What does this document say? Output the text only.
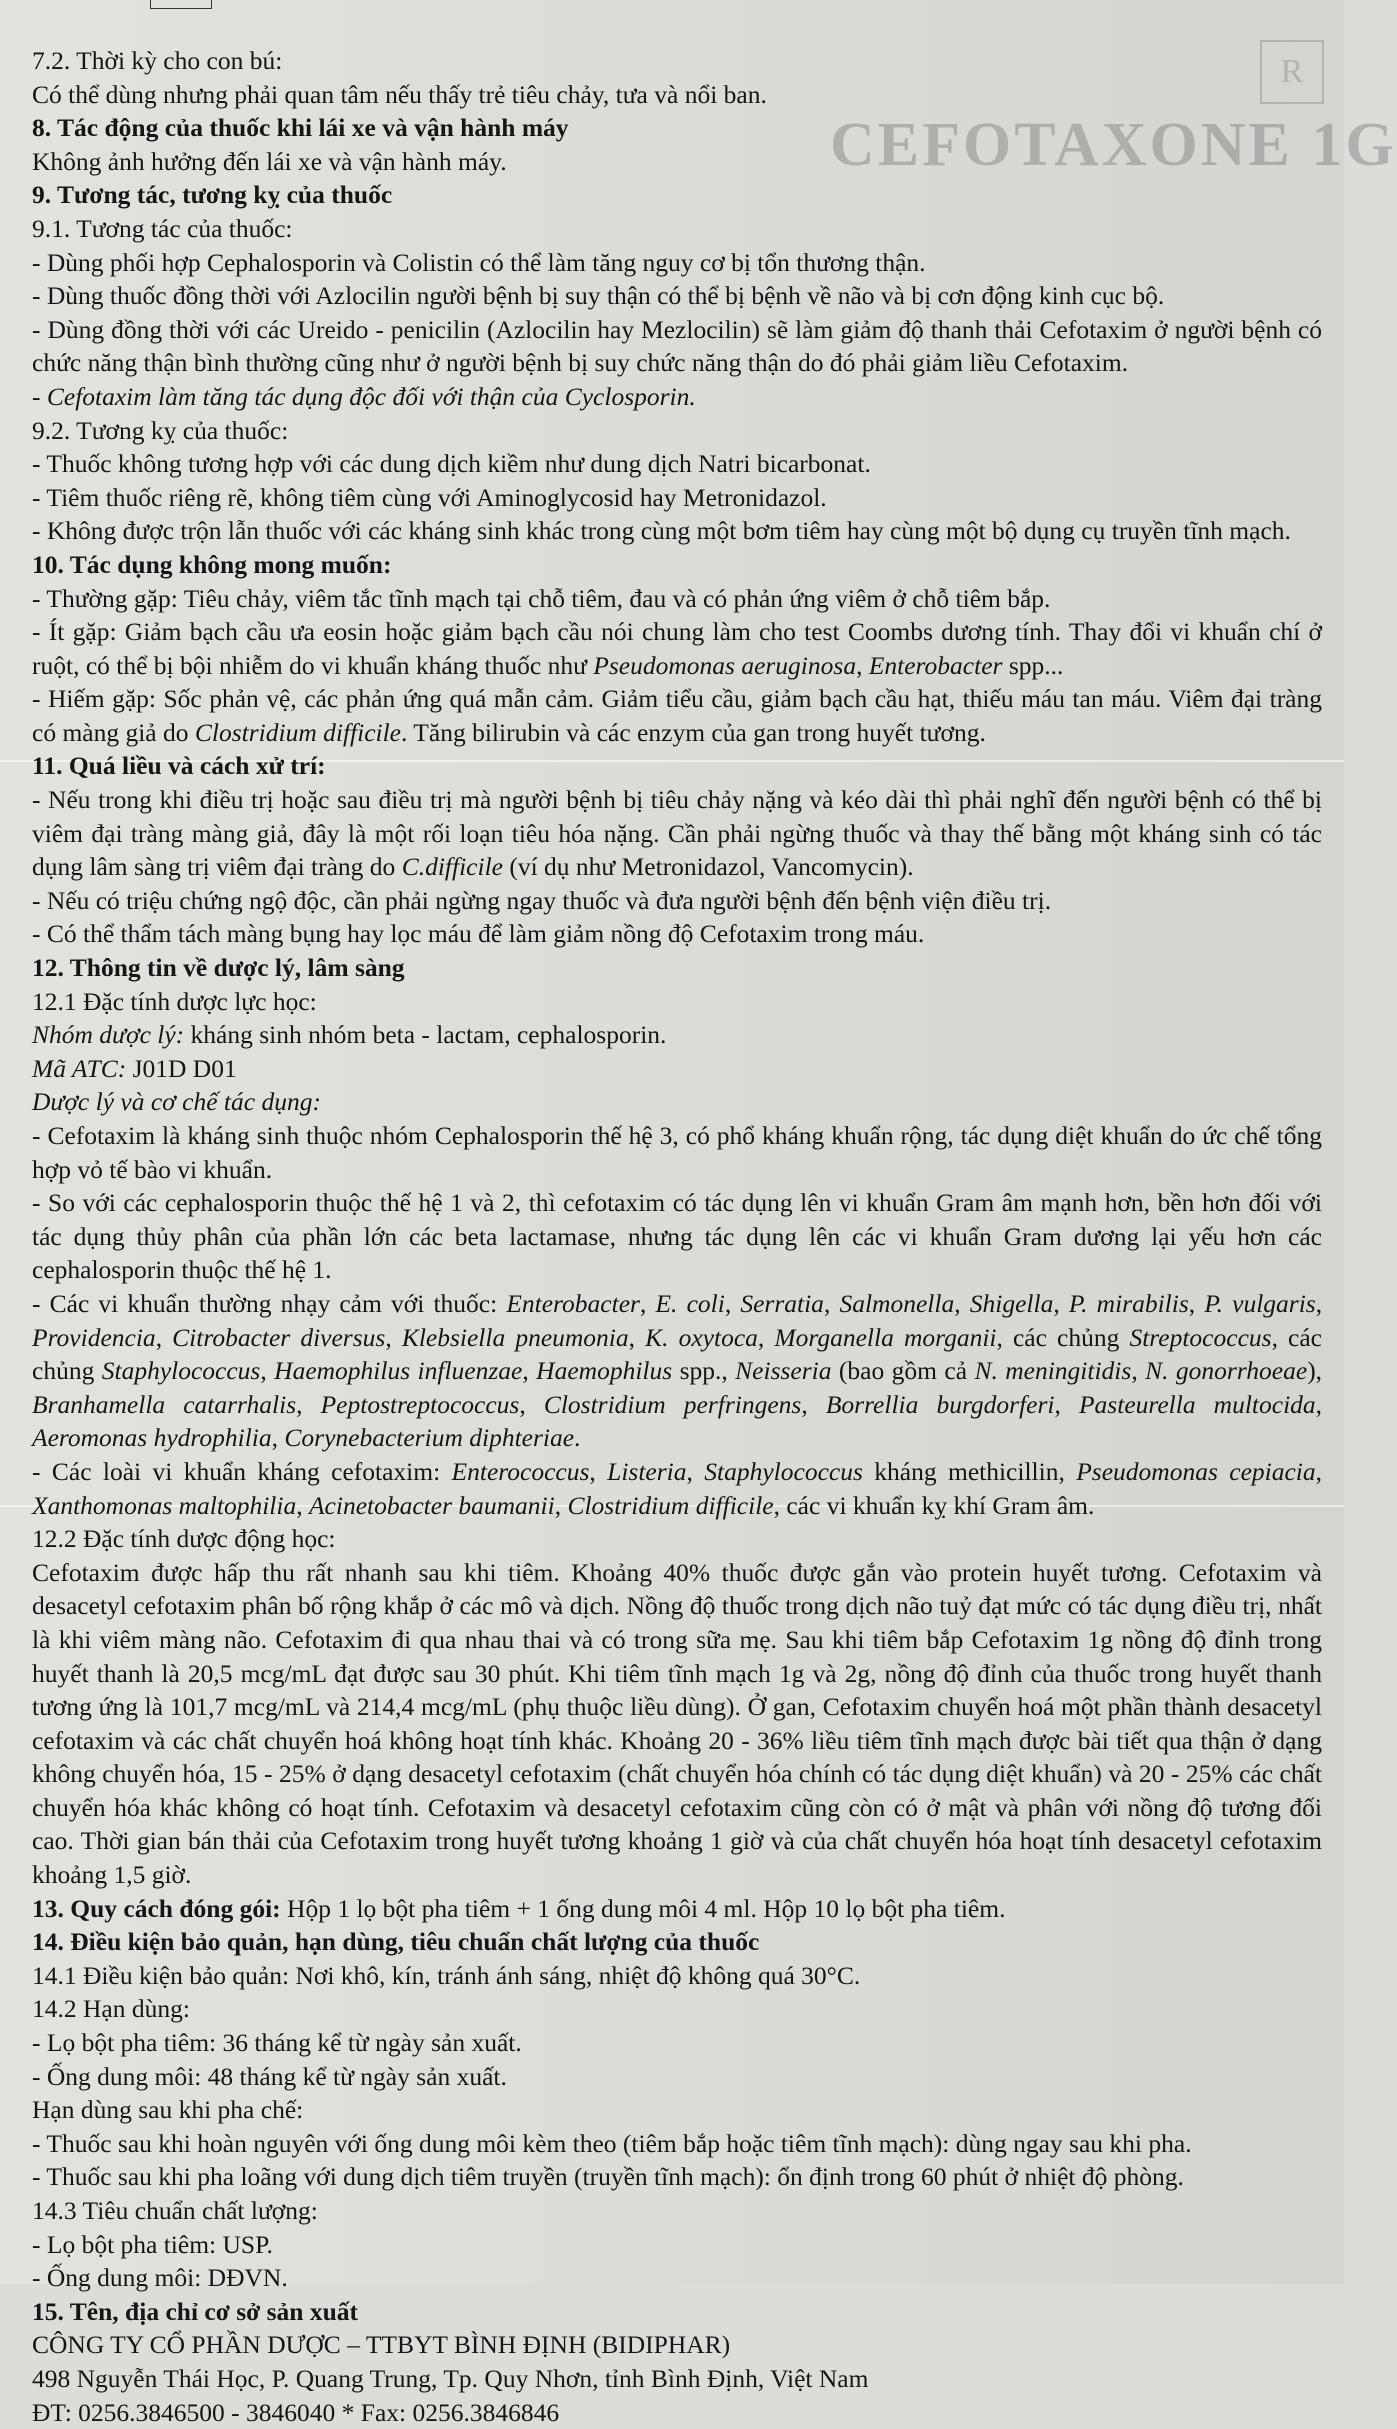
R
CEFOTAXONE 1G
7.2. Thời kỳ cho con bú:
Có thể dùng nhưng phải quan tâm nếu thấy trẻ tiêu chảy, tưa và nổi ban.
8. Tác động của thuốc khi lái xe và vận hành máy
Không ảnh hưởng đến lái xe và vận hành máy.
9. Tương tác, tương kỵ của thuốc
9.1. Tương tác của thuốc:
- Dùng phối hợp Cephalosporin và Colistin có thể làm tăng nguy cơ bị tổn thương thận.
- Dùng thuốc đồng thời với Azlocilin người bệnh bị suy thận có thể bị bệnh về não và bị cơn động kinh cục bộ.
- Dùng đồng thời với các Ureido - penicilin (Azlocilin hay Mezlocilin) sẽ làm giảm độ thanh thải Cefotaxim ở người bệnh có chức năng thận bình thường cũng như ở người bệnh bị suy chức năng thận do đó phải giảm liều Cefotaxim.
- Cefotaxim làm tăng tác dụng độc đối với thận của Cyclosporin.
9.2. Tương kỵ của thuốc:
- Thuốc không tương hợp với các dung dịch kiềm như dung dịch Natri bicarbonat.
- Tiêm thuốc riêng rẽ, không tiêm cùng với Aminoglycosid hay Metronidazol.
- Không được trộn lẫn thuốc với các kháng sinh khác trong cùng một bơm tiêm hay cùng một bộ dụng cụ truyền tĩnh mạch.
10. Tác dụng không mong muốn:
- Thường gặp: Tiêu chảy, viêm tắc tĩnh mạch tại chỗ tiêm, đau và có phản ứng viêm ở chỗ tiêm bắp.
- Ít gặp: Giảm bạch cầu ưa eosin hoặc giảm bạch cầu nói chung làm cho test Coombs dương tính. Thay đổi vi khuẩn chí ở ruột, có thể bị bội nhiễm do vi khuẩn kháng thuốc như Pseudomonas aeruginosa, Enterobacter spp...
- Hiếm gặp: Sốc phản vệ, các phản ứng quá mẫn cảm. Giảm tiểu cầu, giảm bạch cầu hạt, thiếu máu tan máu. Viêm đại tràng có màng giả do Clostridium difficile. Tăng bilirubin và các enzym của gan trong huyết tương.
11. Quá liều và cách xử trí:
- Nếu trong khi điều trị hoặc sau điều trị mà người bệnh bị tiêu chảy nặng và kéo dài thì phải nghĩ đến người bệnh có thể bị viêm đại tràng màng giả, đây là một rối loạn tiêu hóa nặng. Cần phải ngừng thuốc và thay thế bằng một kháng sinh có tác dụng lâm sàng trị viêm đại tràng do C.difficile (ví dụ như Metronidazol, Vancomycin).
- Nếu có triệu chứng ngộ độc, cần phải ngừng ngay thuốc và đưa người bệnh đến bệnh viện điều trị.
- Có thể thẩm tách màng bụng hay lọc máu để làm giảm nồng độ Cefotaxim trong máu.
12. Thông tin về dược lý, lâm sàng
12.1 Đặc tính dược lực học:
Nhóm dược lý: kháng sinh nhóm beta - lactam, cephalosporin.
Mã ATC: J01D D01
Dược lý và cơ chế tác dụng:
- Cefotaxim là kháng sinh thuộc nhóm Cephalosporin thế hệ 3, có phổ kháng khuẩn rộng, tác dụng diệt khuẩn do ức chế tổng hợp vỏ tế bào vi khuẩn.
- So với các cephalosporin thuộc thế hệ 1 và 2, thì cefotaxim có tác dụng lên vi khuẩn Gram âm mạnh hơn, bền hơn đối với tác dụng thủy phân của phần lớn các beta lactamase, nhưng tác dụng lên các vi khuẩn Gram dương lại yếu hơn các cephalosporin thuộc thế hệ 1.
- Các vi khuẩn thường nhạy cảm với thuốc: Enterobacter, E. coli, Serratia, Salmonella, Shigella, P. mirabilis, P. vulgaris, Providencia, Citrobacter diversus, Klebsiella pneumonia, K. oxytoca, Morganella morganii, các chủng Streptococcus, các chủng Staphylococcus, Haemophilus influenzae, Haemophilus spp., Neisseria (bao gồm cả N. meningitidis, N. gonorrhoeae), Branhamella catarrhalis, Peptostreptococcus, Clostridium perfringens, Borrellia burgdorferi, Pasteurella multocida, Aeromonas hydrophilia, Corynebacterium diphteriae.
- Các loài vi khuẩn kháng cefotaxim: Enterococcus, Listeria, Staphylococcus kháng methicillin, Pseudomonas cepiacia, Xanthomonas maltophilia, Acinetobacter baumanii, Clostridium difficile, các vi khuẩn kỵ khí Gram âm.
12.2 Đặc tính dược động học:
Cefotaxim được hấp thu rất nhanh sau khi tiêm. Khoảng 40% thuốc được gắn vào protein huyết tương. Cefotaxim và desacetyl cefotaxim phân bố rộng khắp ở các mô và dịch. Nồng độ thuốc trong dịch não tuỷ đạt mức có tác dụng điều trị, nhất là khi viêm màng não. Cefotaxim đi qua nhau thai và có trong sữa mẹ. Sau khi tiêm bắp Cefotaxim 1g nồng độ đỉnh trong huyết thanh là 20,5 mcg/mL đạt được sau 30 phút. Khi tiêm tĩnh mạch 1g và 2g, nồng độ đỉnh của thuốc trong huyết thanh tương ứng là 101,7 mcg/mL và 214,4 mcg/mL (phụ thuộc liều dùng). Ở gan, Cefotaxim chuyển hoá một phần thành desacetyl cefotaxim và các chất chuyển hoá không hoạt tính khác. Khoảng 20 - 36% liều tiêm tĩnh mạch được bài tiết qua thận ở dạng không chuyển hóa, 15 - 25% ở dạng desacetyl cefotaxim (chất chuyển hóa chính có tác dụng diệt khuẩn) và 20 - 25% các chất chuyển hóa khác không có hoạt tính. Cefotaxim và desacetyl cefotaxim cũng còn có ở mật và phân với nồng độ tương đối cao. Thời gian bán thải của Cefotaxim trong huyết tương khoảng 1 giờ và của chất chuyển hóa hoạt tính desacetyl cefotaxim khoảng 1,5 giờ.
13. Quy cách đóng gói: Hộp 1 lọ bột pha tiêm + 1 ống dung môi 4 ml. Hộp 10 lọ bột pha tiêm.
14. Điều kiện bảo quản, hạn dùng, tiêu chuẩn chất lượng của thuốc
14.1 Điều kiện bảo quản: Nơi khô, kín, tránh ánh sáng, nhiệt độ không quá 30°C.
14.2 Hạn dùng:
- Lọ bột pha tiêm: 36 tháng kể từ ngày sản xuất.
- Ống dung môi: 48 tháng kể từ ngày sản xuất.
Hạn dùng sau khi pha chế:
- Thuốc sau khi hoàn nguyên với ống dung môi kèm theo (tiêm bắp hoặc tiêm tĩnh mạch): dùng ngay sau khi pha.
- Thuốc sau khi pha loãng với dung dịch tiêm truyền (truyền tĩnh mạch): ổn định trong 60 phút ở nhiệt độ phòng.
14.3 Tiêu chuẩn chất lượng:
- Lọ bột pha tiêm: USP.
- Ống dung môi: DĐVN.
15. Tên, địa chỉ cơ sở sản xuất
CÔNG TY CỔ PHẦN DƯỢC – TTBYT BÌNH ĐỊNH (BIDIPHAR)
498 Nguyễn Thái Học, P. Quang Trung, Tp. Quy Nhơn, tỉnh Bình Định, Việt Nam
ĐT: 0256.3846500 - 3846040 * Fax: 0256.3846846
